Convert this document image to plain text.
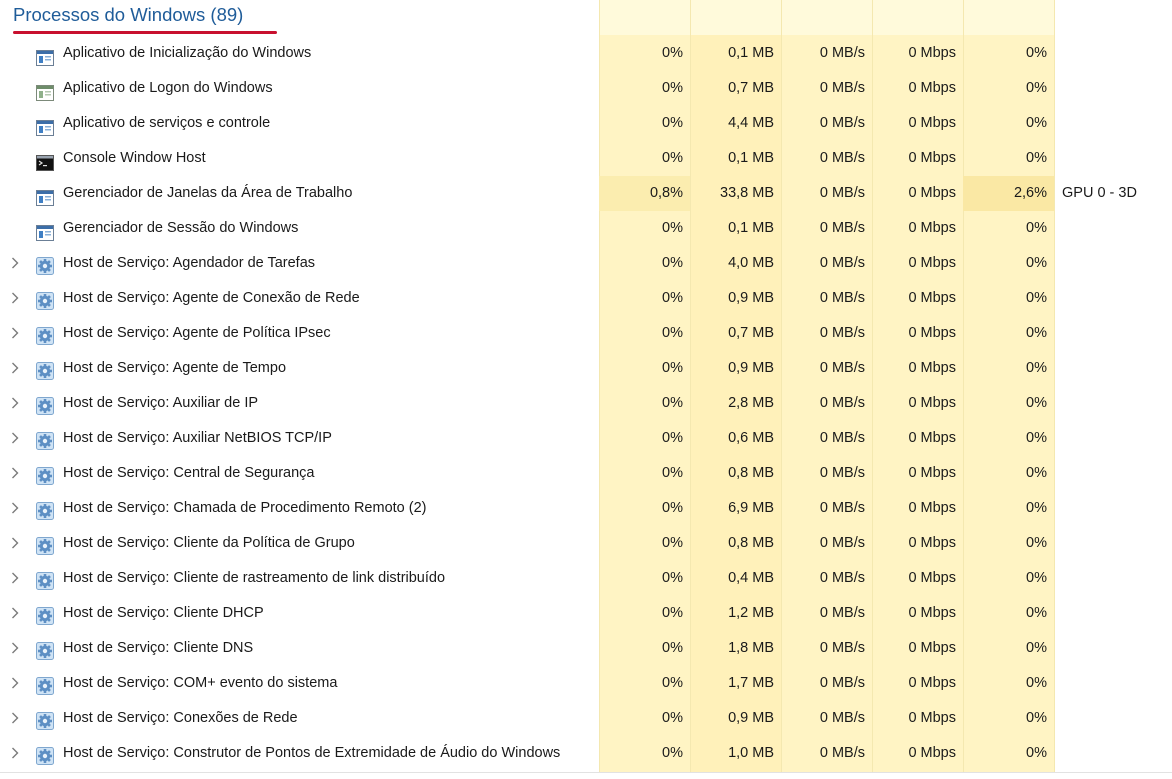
Processos do Windows (89)
Aplicativo de Inicialização do Windows	0%	0,1 MB	0 MB/s	0 Mbps	0%
Aplicativo de Logon do Windows	0%	0,7 MB	0 MB/s	0 Mbps	0%
Aplicativo de serviços e controle	0%	4,4 MB	0 MB/s	0 Mbps	0%
Console Window Host	0%	0,1 MB	0 MB/s	0 Mbps	0%
Gerenciador de Janelas da Área de Trabalho	0,8%	33,8 MB	0 MB/s	0 Mbps	2,6%	GPU 0 - 3D
Gerenciador de Sessão do Windows	0%	0,1 MB	0 MB/s	0 Mbps	0%
Host de Serviço: Agendador de Tarefas	0%	4,0 MB	0 MB/s	0 Mbps	0%
Host de Serviço: Agente de Conexão de Rede	0%	0,9 MB	0 MB/s	0 Mbps	0%
Host de Serviço: Agente de Política IPsec	0%	0,7 MB	0 MB/s	0 Mbps	0%
Host de Serviço: Agente de Tempo	0%	0,9 MB	0 MB/s	0 Mbps	0%
Host de Serviço: Auxiliar de IP	0%	2,8 MB	0 MB/s	0 Mbps	0%
Host de Serviço: Auxiliar NetBIOS TCP/IP	0%	0,6 MB	0 MB/s	0 Mbps	0%
Host de Serviço: Central de Segurança	0%	0,8 MB	0 MB/s	0 Mbps	0%
Host de Serviço: Chamada de Procedimento Remoto (2)	0%	6,9 MB	0 MB/s	0 Mbps	0%
Host de Serviço: Cliente da Política de Grupo	0%	0,8 MB	0 MB/s	0 Mbps	0%
Host de Serviço: Cliente de rastreamento de link distribuído	0%	0,4 MB	0 MB/s	0 Mbps	0%
Host de Serviço: Cliente DHCP	0%	1,2 MB	0 MB/s	0 Mbps	0%
Host de Serviço: Cliente DNS	0%	1,8 MB	0 MB/s	0 Mbps	0%
Host de Serviço: COM+ evento do sistema	0%	1,7 MB	0 MB/s	0 Mbps	0%
Host de Serviço: Conexões de Rede	0%	0,9 MB	0 MB/s	0 Mbps	0%
Host de Serviço: Construtor de Pontos de Extremidade de Áudio do Windows	0%	1,0 MB	0 MB/s	0 Mbps	0%
